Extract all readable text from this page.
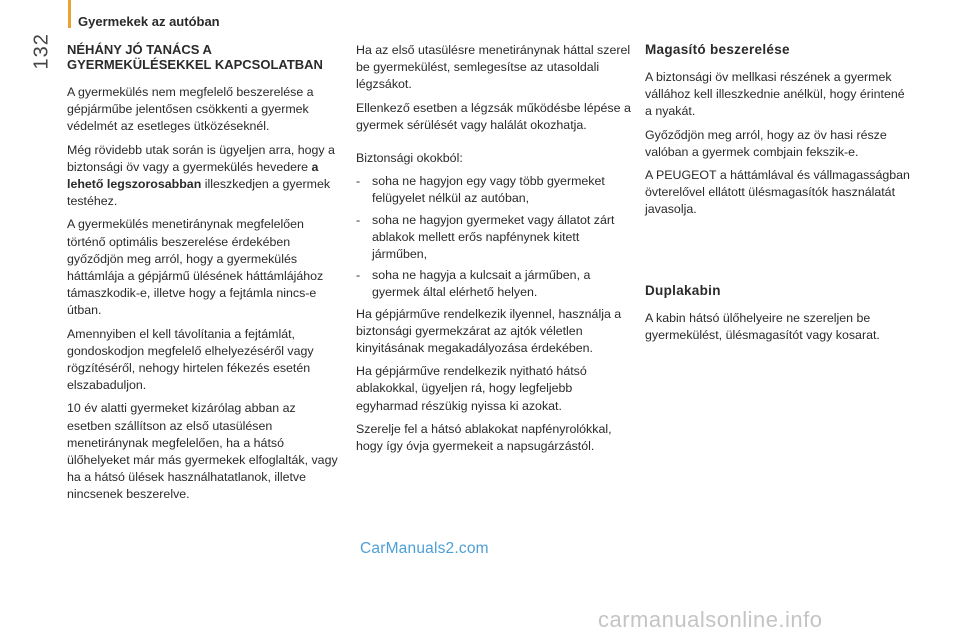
Gyermekek az autóban
132 NÉHÁNY JÓ TANÁCS A
GYERMEKÜLÉSEKKEL KAPCSOLATBAN

A gyermekülés nem megfelelő beszerelése a gépjárműbe jelentősen csökkenti a gyermek védelmét az esetleges ütközéseknél.

Még rövidebb utak során is ügyeljen arra, hogy a biztonsági öv vagy a gyermekülés hevedere a lehető legszorosabban illeszkedjen a gyermek testéhez.

A gyermekülés menetiránynak megfelelően történő optimális beszerelése érdekében győződjön meg arról, hogy a gyermekülés háttámlája a gépjármű ülésének háttámlájához támaszkodik-e, illetve hogy a fejtámla nincs-e útban.

Amennyiben el kell távolítania a fejtámlát, gondoskodjon megfelelő elhelyezéséről vagy rögzítéséről, nehogy hirtelen fékezés esetén elszabaduljon.

10 év alatti gyermeket kizárólag abban az esetben szállítson az első utasülésen menetiránynak megfelelően, ha a hátsó ülőhelyeket már más gyermekek elfoglalták, vagy ha a hátsó ülések használhatatlanok, illetve nincsenek beszerelve.

Ha az első utasülésre menetiránynak háttal szerel be gyermekülést, semlegesítse az utasoldali légzsákot.

Ellenkező esetben a légzsák működésbe lépése a gyermek sérülését vagy halálát okozhatja.

Biztonsági okokból:

- soha ne hagyjon egy vagy több gyermeket felügyelet nélkül az autóban,
- soha ne hagyjon gyermeket vagy állatot zárt ablakok mellett erős napfénynek kitett járműben,
- soha ne hagyja a kulcsait a járműben, a gyermek által elérhető helyen.

Ha gépjárműve rendelkezik ilyennel, használja a biztonsági gyermekzárat az ajtók véletlen kinyitásának megakadályozása érdekében.

Ha gépjárműve rendelkezik nyitható hátsó ablakokkal, ügyeljen rá, hogy legfeljebb egyharmad részükig nyissa ki azokat.

Szerelje fel a hátsó ablakokat napfényrolókkal, hogy így óvja gyermekeit a napsugárzástól.

Magasító beszerelése

A biztonsági öv mellkasi részének a gyermek vállához kell illeszkednie anélkül, hogy érintené a nyakát.

Győződjön meg arról, hogy az öv hasi része valóban a gyermek combjain fekszik-e.

A PEUGEOT a háttámlával és vállmagasságban övterelővel ellátott ülésmagasítók használatát javasolja.

Duplakabin

A kabin hátsó ülőhelyeire ne szereljen be gyermekülést, ülésmagasítót vagy kosarat.

CarManuals2.com
carmanualsonline.info
